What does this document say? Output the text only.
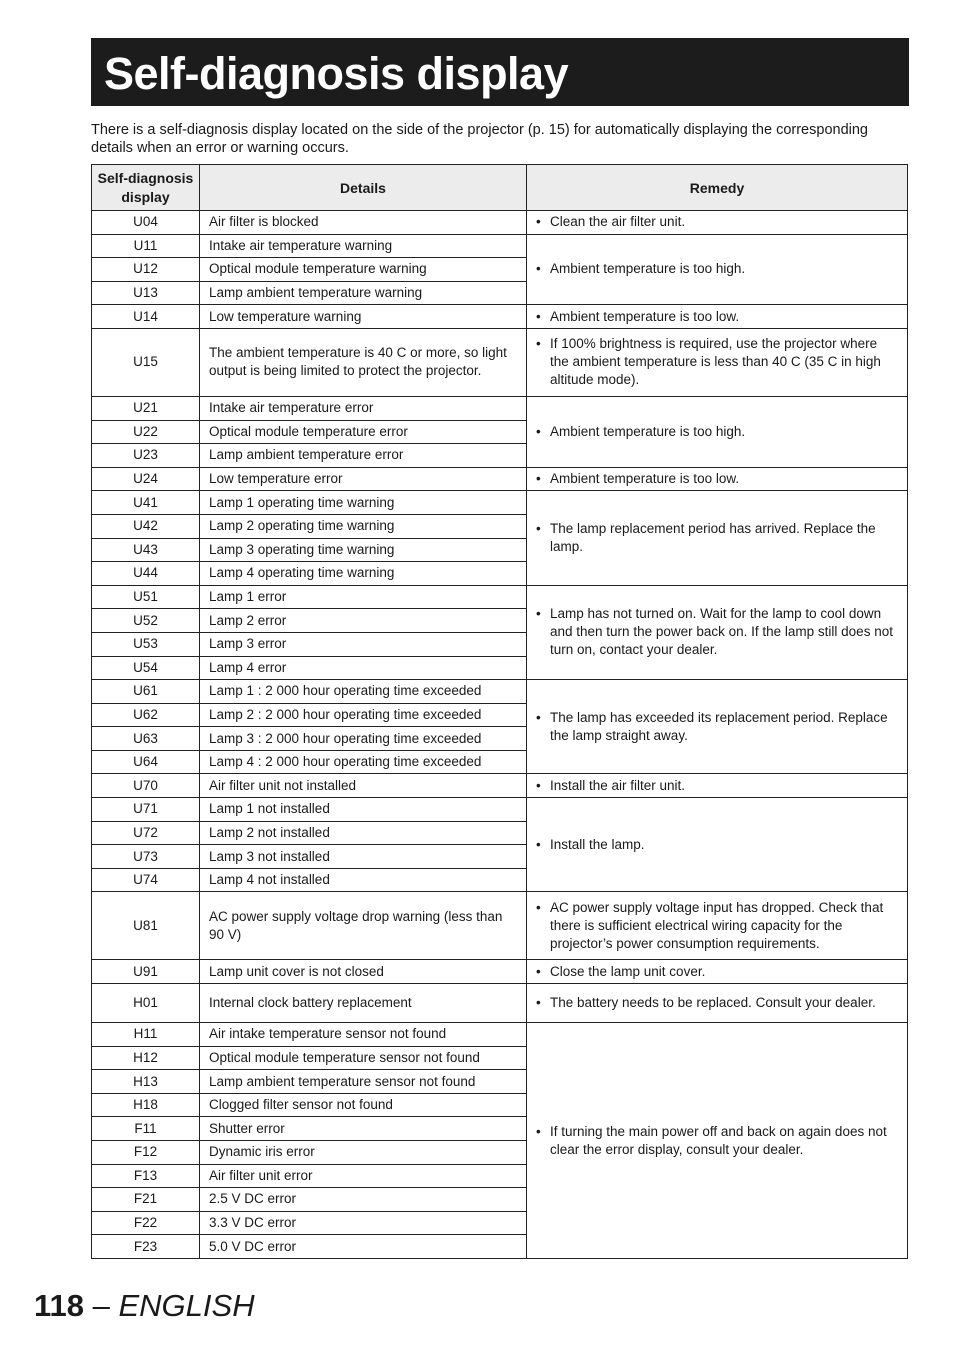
Self-diagnosis display

There is a self-diagnosis display located on the side of the projector (p. 15) for automatically displaying the corresponding details when an error or warning occurs.

Self-diagnosis display	Details	Remedy
U04	Air filter is blocked	• Clean the air filter unit.

U11	Intake air temperature warning	• Ambient temperature is too high.

U12	Optical module temperature warning	
U13	Lamp ambient temperature warning	
U14	Low temperature warning	• Ambient temperature is too low.

U15	The ambient temperature is 40 C or more, so light output is being limited to protect the projector.	• If 100% brightness is required, use the projector where the ambient temperature is less than 40 C (35 C in high altitude mode).

U21	Intake air temperature error	• Ambient temperature is too high.

U22	Optical module temperature error	
U23	Lamp ambient temperature error	
U24	Low temperature error	• Ambient temperature is too low.

U41	Lamp 1 operating time warning	• The lamp replacement period has arrived. Replace the lamp.

U42	Lamp 2 operating time warning	
U43	Lamp 3 operating time warning	
U44	Lamp 4 operating time warning	
U51	Lamp 1 error	• Lamp has not turned on. Wait for the lamp to cool down and then turn the power back on. If the lamp still does not turn on, contact your dealer.

U52	Lamp 2 error	
U53	Lamp 3 error	
U54	Lamp 4 error	
U61	Lamp 1 : 2 000 hour operating time exceeded	• The lamp has exceeded its replacement period. Replace the lamp straight away.

U62	Lamp 2 : 2 000 hour operating time exceeded	
U63	Lamp 3 : 2 000 hour operating time exceeded	
U64	Lamp 4 : 2 000 hour operating time exceeded	
U70	Air filter unit not installed	• Install the air filter unit.

U71	Lamp 1 not installed	• Install the lamp.

U72	Lamp 2 not installed	
U73	Lamp 3 not installed	
U74	Lamp 4 not installed	
U81	AC power supply voltage drop warning (less than 90 V)	• AC power supply voltage input has dropped. Check that there is sufficient electrical wiring capacity for the projector’s power consumption requirements.

U91	Lamp unit cover is not closed	• Close the lamp unit cover.

H01	Internal clock battery replacement	• The battery needs to be replaced. Consult your dealer.

H11	Air intake temperature sensor not found	• If turning the main power off and back on again does not clear the error display, consult your dealer.

H12	Optical module temperature sensor not found	
H13	Lamp ambient temperature sensor not found	
H18	Clogged filter sensor not found	
F11	Shutter error	
F12	Dynamic iris error	
F13	Air filter unit error	
F21	2.5 V DC error	
F22	3.3 V DC error	
F23	5.0 V DC error	
118 – ENGLISH
